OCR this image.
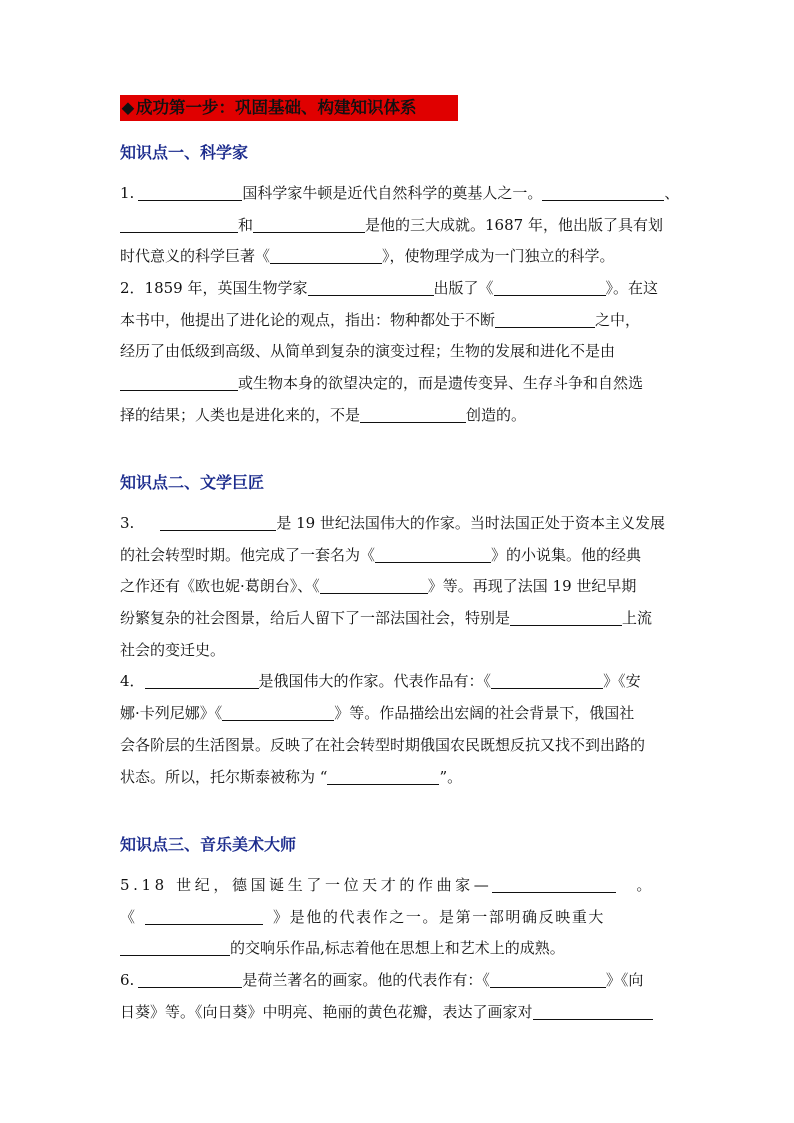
◆ 成功第一步：巩固基础、构建知识体系
知识点一、科学家
1.	国科学家牛顿是近代自然科学的奠基人之一。	、
和	是他的三大成就。1687 年，他出版了具有划
时代意义的科学巨著《	》，使物理学成为一门独立的科学。
2．1859 年，英国生物学家	出版了《	》。在这
本书中，他提出了进化论的观点，指出：物种都处于不断	之中，
经历了由低级到高级、从简单到复杂的演变过程；生物的发展和进化不是由
或生物本身的欲望决定的，而是遗传变异、生存斗争和自然选
择的结果；人类也是进化来的，不是	创造的。
知识点二、文学巨匠
3.	是 19 世纪法国伟大的作家。当时法国正处于资本主义发展
的社会转型时期。他完成了一套名为《	》的小说集。他的经典
之作还有《欧也妮·葛朗台》、《	》等。再现了法国 19 世纪早期
纷繁复杂的社会图景，给后人留下了一部法国社会，特别是	上流
社会的变迁史。
4．	是俄国伟大的作家。代表作品有：《	》《安
娜·卡列尼娜》《	》等。作品描绘出宏阔的社会背景下，俄国社
会各阶层的生活图景。反映了在社会转型时期俄国农民既想反抗又找不到出路的
状态。所以，托尔斯泰被称为 “	”。
知识点三、音乐美术大师
5.18 世纪，德国诞生了一位天才的作曲家—	。
《	》是他的代表作之一。是第一部明确反映重大
的交响乐作品,标志着他在思想上和艺术上的成熟。
6.	是荷兰著名的画家。他的代表作有：《	》《向
日葵》等。《向日葵》中明亮、艳丽的黄色花瓣，表达了画家对
